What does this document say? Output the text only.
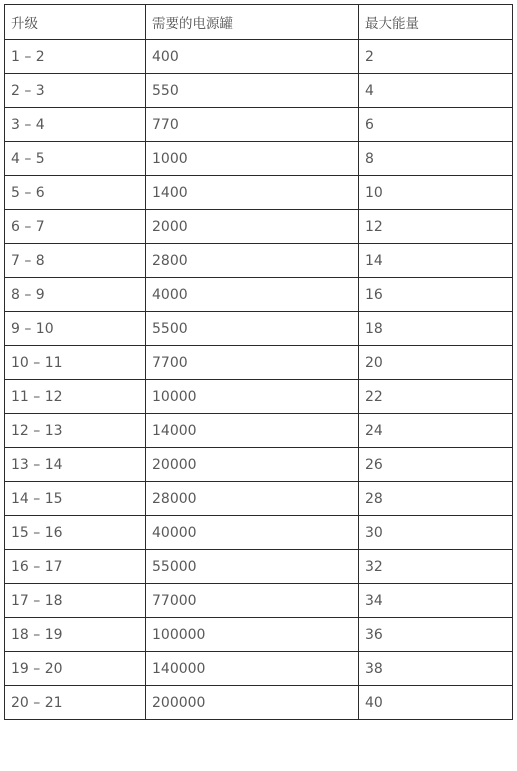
升级	需要的电源罐	最大能量
1 – 2	400	2
2 – 3	550	4
3 – 4	770	6
4 – 5	1000	8
5 – 6	1400	10
6 – 7	2000	12
7 – 8	2800	14
8 – 9	4000	16
9 – 10	5500	18
10 – 11	7700	20
11 – 12	10000	22
12 – 13	14000	24
13 – 14	20000	26
14 – 15	28000	28
15 – 16	40000	30
16 – 17	55000	32
17 – 18	77000	34
18 – 19	100000	36
19 – 20	140000	38
20 – 21	200000	40
